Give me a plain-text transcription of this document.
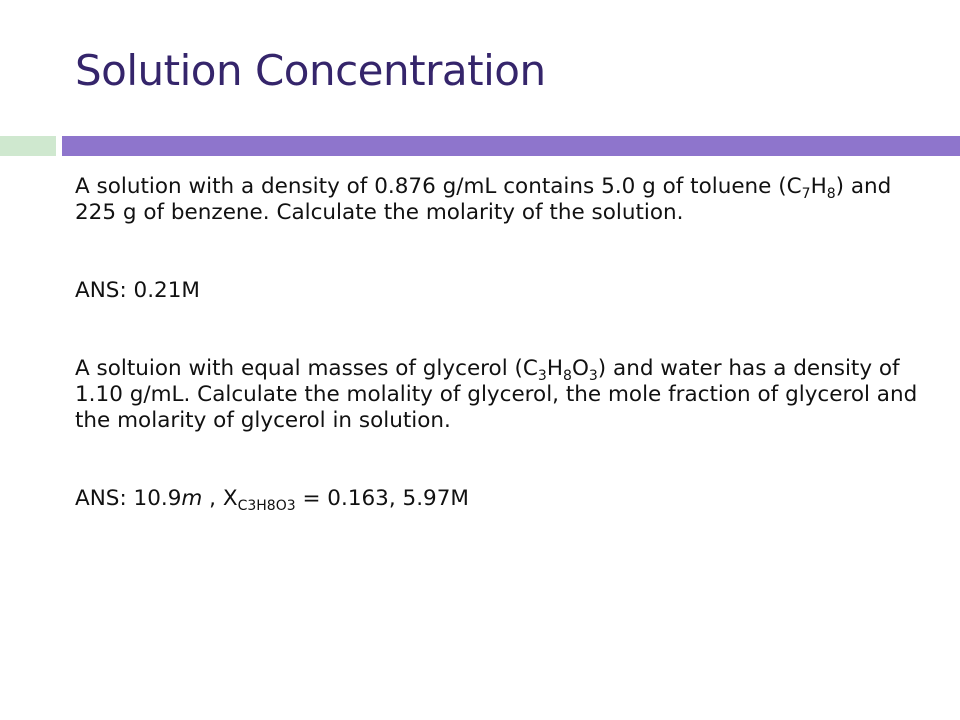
Solution Concentration

A solution with a density of 0.876 g/mL contains 5.0 g of toluene $(C_7H_8)$ and 225 g of benzene. Calculate the molarity of the solution.

ANS: 0.21M

A soltuion with equal masses of glycerol $(C_3H_8O_3)$ and water has a density of 1.10 g/mL. Calculate the molality of glycerol, the mole fraction of glycerol and the molarity of glycerol in solution.

ANS: 10.9m , $X_{C3H8O3} = 0.163$, 5.97M
